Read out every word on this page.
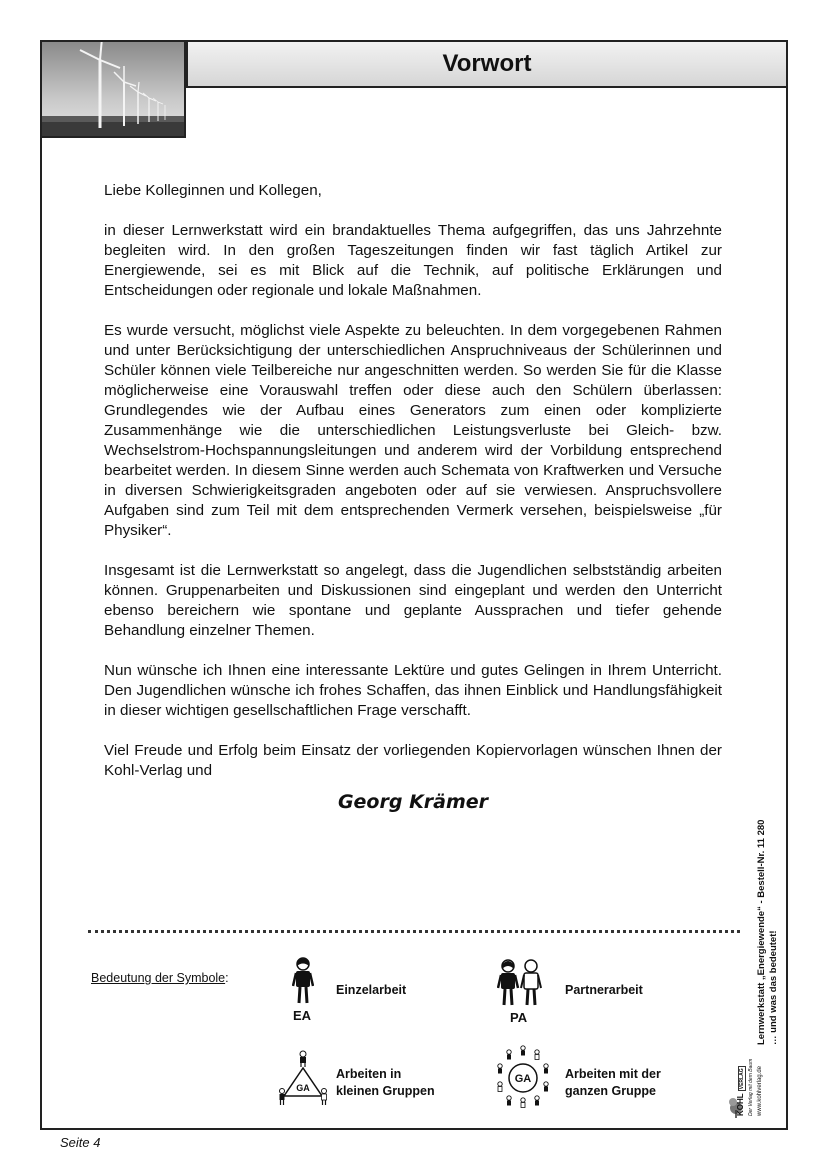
Vorwort

Liebe Kolleginnen und Kollegen,

in dieser Lernwerkstatt wird ein brandaktuelles Thema aufgegriffen, das uns Jahrzehnte begleiten wird. In den großen Tageszeitungen finden wir fast täglich Artikel zur Energiewende, sei es mit Blick auf die Technik, auf politische Erklärungen und Entscheidungen oder regionale und lokale Maßnahmen.

Es wurde versucht, möglichst viele Aspekte zu beleuchten. In dem vorgegebenen Rahmen und unter Berücksichtigung der unterschiedlichen Anspruchniveaus der Schülerinnen und Schüler können viele Teilbereiche nur angeschnitten werden. So werden Sie für die Klasse möglicherweise eine Vorauswahl treffen oder diese auch den Schülern überlassen: Grundlegendes wie der Aufbau eines Generators zum einen oder komplizierte Zusammenhänge wie die unterschiedlichen Leistungsverluste bei Gleich- bzw. Wechselstrom-Hochspannungsleitungen und anderem wird der Vorbildung entsprechend bearbeitet werden. In diesem Sinne werden auch Schemata von Kraftwerken und Versuche in diversen Schwierigkeitsgraden angeboten oder auf sie verwiesen. Anspruchsvollere Aufgaben sind zum Teil mit dem entsprechenden Vermerk versehen, beispielsweise „für Physiker“.

Insgesamt ist die Lernwerkstatt so angelegt, dass die Jugendlichen selbstständig arbeiten können. Gruppenarbeiten und Diskussionen sind eingeplant und werden den Unterricht ebenso bereichern wie spontane und geplante Aussprachen und tiefer gehende Behandlung einzelner Themen.

Nun wünsche ich Ihnen eine interessante Lektüre und gutes Gelingen in Ihrem Unterricht. Den Jugendlichen wünsche ich frohes Schaffen, das ihnen Einblick und Handlungsfähigkeit in dieser wichtigen gesellschaftlichen Frage verschafft.

Viel Freude und Erfolg beim Einsatz der vorliegenden Kopiervorlagen wünschen Ihnen der Kohl-Verlag und

Georg Krämer
Bedeutung der Symbole:
EA
Einzelarbeit
PA
Partnerarbeit
GA
Arbeiten in
kleinen Gruppen
GA	Arbeiten mit der
ganzen Gruppe
Lernwerkstatt „Energiewende“ - Bestell-Nr. 11 280 … und was das bedeutet!
KOHL VERLAG Der Verlag mit dem Baum www.kohlverlag.de
Seite 4
